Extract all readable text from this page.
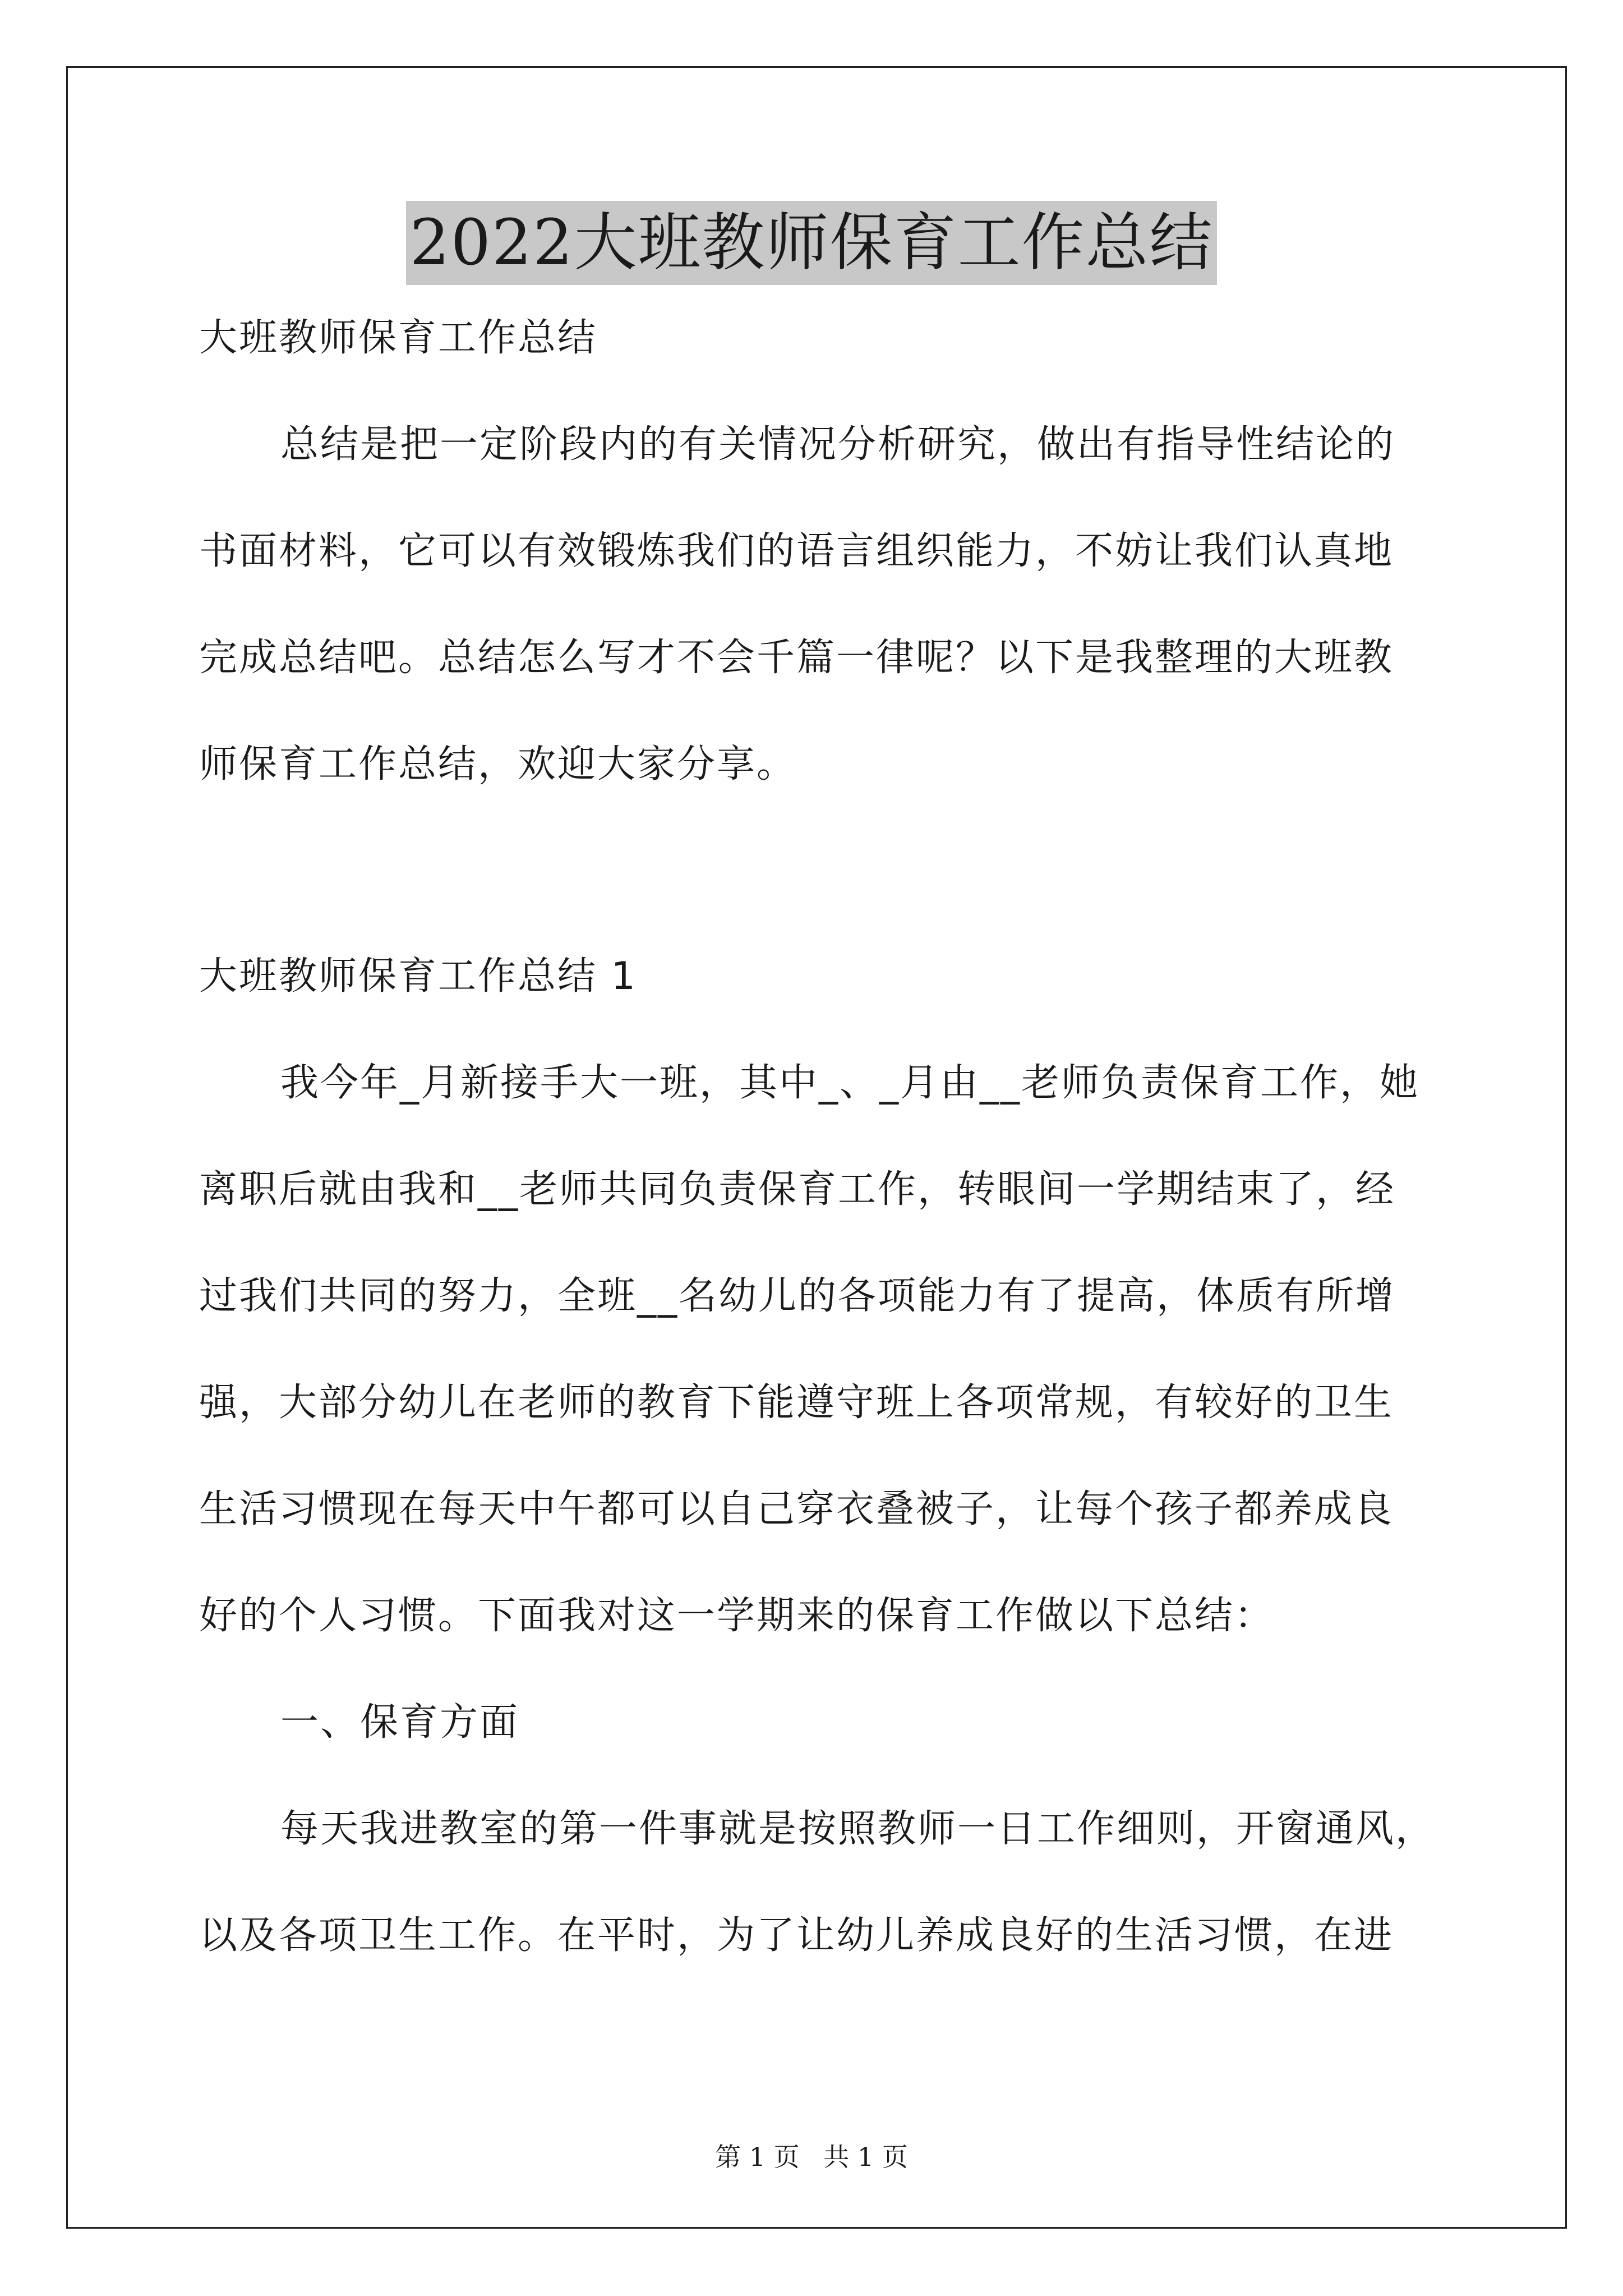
2022大班教师保育工作总结
大班教师保育工作总结
总结是把一定阶段内的有关情况分析研究，做出有指导性结论的
书面材料，它可以有效锻炼我们的语言组织能力，不妨让我们认真地
完成总结吧。总结怎么写才不会千篇一律呢？以下是我整理的大班教
师保育工作总结，欢迎大家分享。
大班教师保育工作总结 1
我今年_月新接手大一班，其中_、_月由__老师负责保育工作，她
离职后就由我和__老师共同负责保育工作，转眼间一学期结束了，经
过我们共同的努力，全班__名幼儿的各项能力有了提高，体质有所增
强，大部分幼儿在老师的教育下能遵守班上各项常规，有较好的卫生
生活习惯现在每天中午都可以自己穿衣叠被子，让每个孩子都养成良
好的个人习惯。下面我对这一学期来的保育工作做以下总结：
一、保育方面
每天我进教室的第一件事就是按照教师一日工作细则，开窗通风，
以及各项卫生工作。在平时，为了让幼儿养成良好的生活习惯，在进
第 1 页 共 1 页
